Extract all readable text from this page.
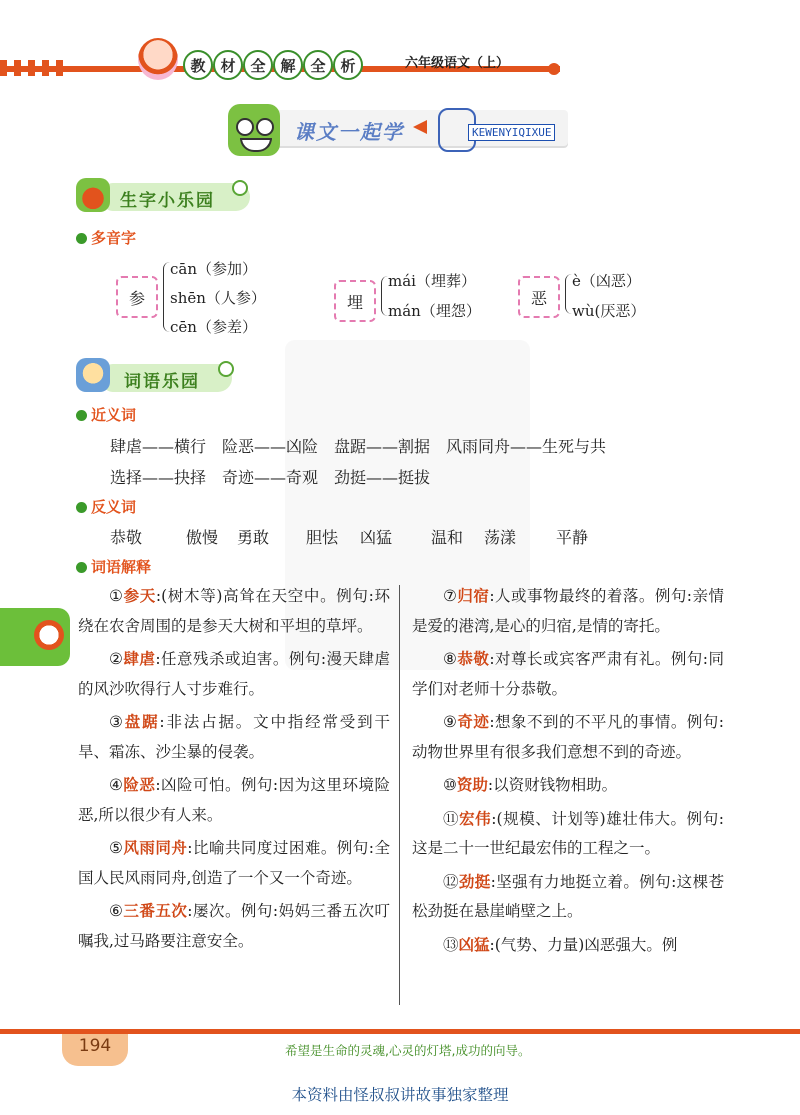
教 材 全 解 全 析	六年级语文（上）
课文一起学	KEWENYIQIXUE
生字小乐园
多音字
参
cān（参加）
shēn（人参）
cēn（参差）
埋
mái（埋葬）
mán（埋怨）
恶
è（凶恶）
wù(厌恶）
词语乐园
近义词
肆虐——横行　险恶——凶险　盘踞——割据　风雨同舟——生死与共
选择——抉择　奇迹——奇观　劲挺——挺拔
反义词
恭敬	傲慢 勇敢 胆怯 凶猛 温和 荡漾 平静
词语解释

①参天:(树木等)高耸在天空中。例句:环绕在农舍周围的是参天大树和平坦的草坪。

②肆虐:任意残杀或迫害。例句:漫天肆虐的风沙吹得行人寸步难行。

③盘踞:非法占据。文中指经常受到干旱、霜冻、沙尘暴的侵袭。

④险恶:凶险可怕。例句:因为这里环境险恶,所以很少有人来。

⑤风雨同舟:比喻共同度过困难。例句:全国人民风雨同舟,创造了一个又一个奇迹。

⑥三番五次:屡次。例句:妈妈三番五次叮嘱我,过马路要注意安全。

⑦归宿:人或事物最终的着落。例句:亲情是爱的港湾,是心的归宿,是情的寄托。

⑧恭敬:对尊长或宾客严肃有礼。例句:同学们对老师十分恭敬。

⑨奇迹:想象不到的不平凡的事情。例句:动物世界里有很多我们意想不到的奇迹。

⑩资助:以资财钱物相助。

⑪宏伟:(规模、计划等)雄壮伟大。例句:这是二十一世纪最宏伟的工程之一。

⑫劲挺:坚强有力地挺立着。例句:这棵苍松劲挺在悬崖峭壁之上。

⑬凶猛:(气势、力量)凶恶强大。例

194	希望是生命的灵魂,心灵的灯塔,成功的向导。
本资料由怪叔叔讲故事独家整理
